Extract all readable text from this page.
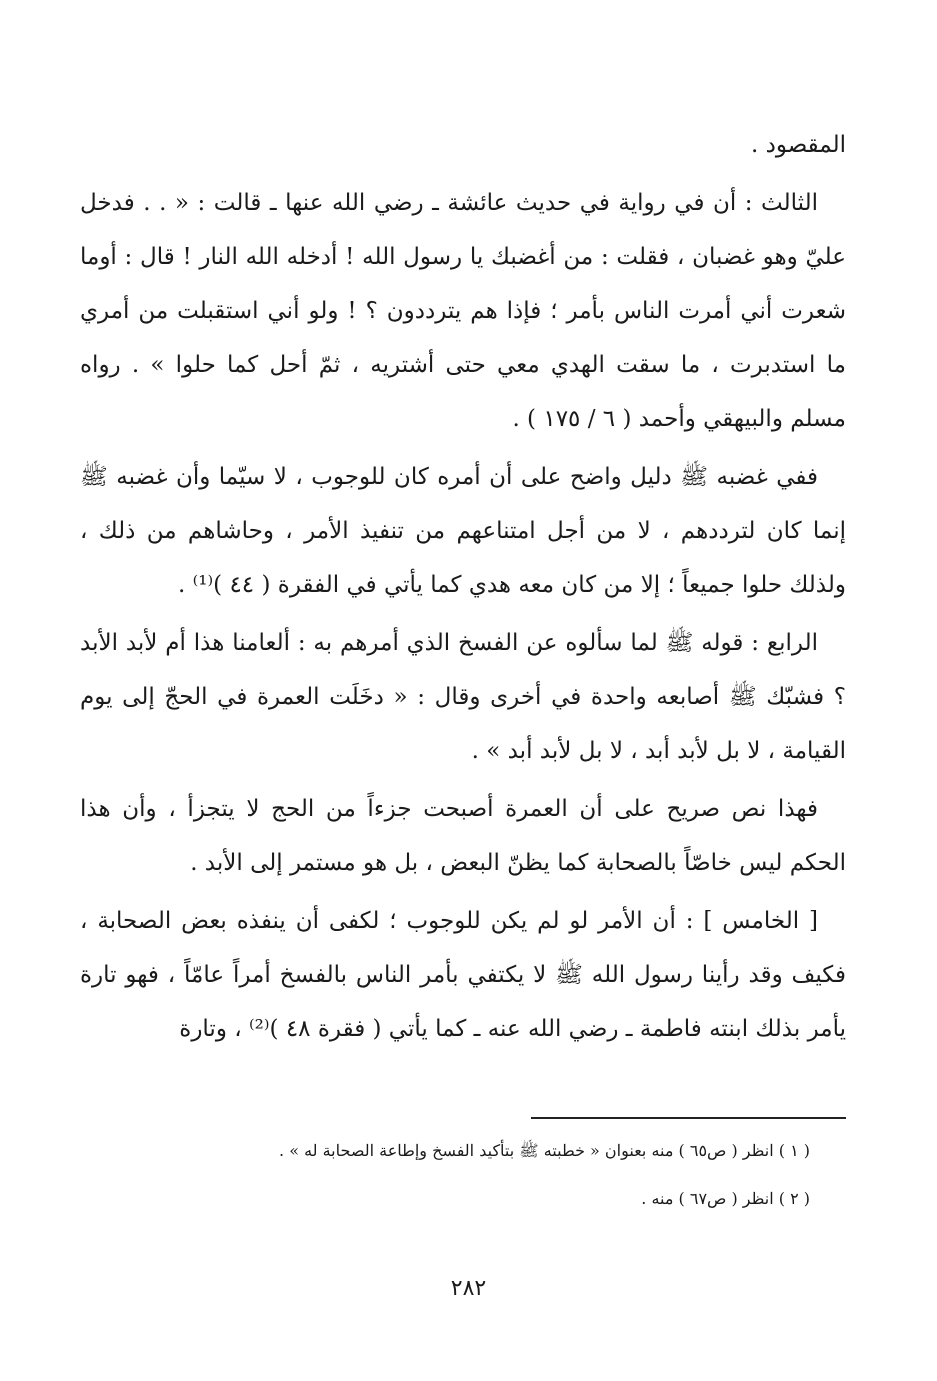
المقصود .

الثالث : أن في رواية في حديث عائشة ـ رضي الله عنها ـ قالت : « . . فدخل عليّ وهو غضبان ، فقلت : من أغضبك يا رسول الله ! أدخله الله النار ! قال : أوما شعرت أني أمرت الناس بأمر ؛ فإذا هم يترددون ؟ ! ولو أني استقبلت من أمري ما استدبرت ، ما سقت الهدي معي حتى أشتريه ، ثمّ أحل كما حلوا » . رواه مسلم والبيهقي وأحمد ( ٦ / ١٧٥ ) .

ففي غضبه ﷺ دليل واضح على أن أمره كان للوجوب ، لا سيّما وأن غضبه ﷺ إنما كان لترددهم ، لا من أجل امتناعهم من تنفيذ الأمر ، وحاشاهم من ذلك ، ولذلك حلوا جميعاً ؛ إلا من كان معه هدي كما يأتي في الفقرة ( ٤٤ )⁽¹⁾ .

الرابع : قوله ﷺ لما سألوه عن الفسخ الذي أمرهم به : ألعامنا هذا أم لأبد الأبد ؟ فشبّك ﷺ أصابعه واحدة في أخرى وقال : « دخَلَت العمرة في الحجّ إلى يوم القيامة ، لا بل لأبد أبد ، لا بل لأبد أبد » .

فهذا نص صريح على أن العمرة أصبحت جزءاً من الحج لا يتجزأ ، وأن هذا الحكم ليس خاصّاً بالصحابة كما يظنّ البعض ، بل هو مستمر إلى الأبد .

[ الخامس ] : أن الأمر لو لم يكن للوجوب ؛ لكفى أن ينفذه بعض الصحابة ، فكيف وقد رأينا رسول الله ﷺ لا يكتفي بأمر الناس بالفسخ أمراً عامّاً ، فهو تارة يأمر بذلك ابنته فاطمة ـ رضي الله عنه ـ كما يأتي ( فقرة ٤٨ )⁽²⁾ ، وتارة

( ١ ) انظر ( ص٦٥ ) منه بعنوان « خطبته ﷺ بتأكيد الفسخ وإطاعة الصحابة له » .

( ٢ ) انظر ( ص٦٧ ) منه .

٢٨٢
